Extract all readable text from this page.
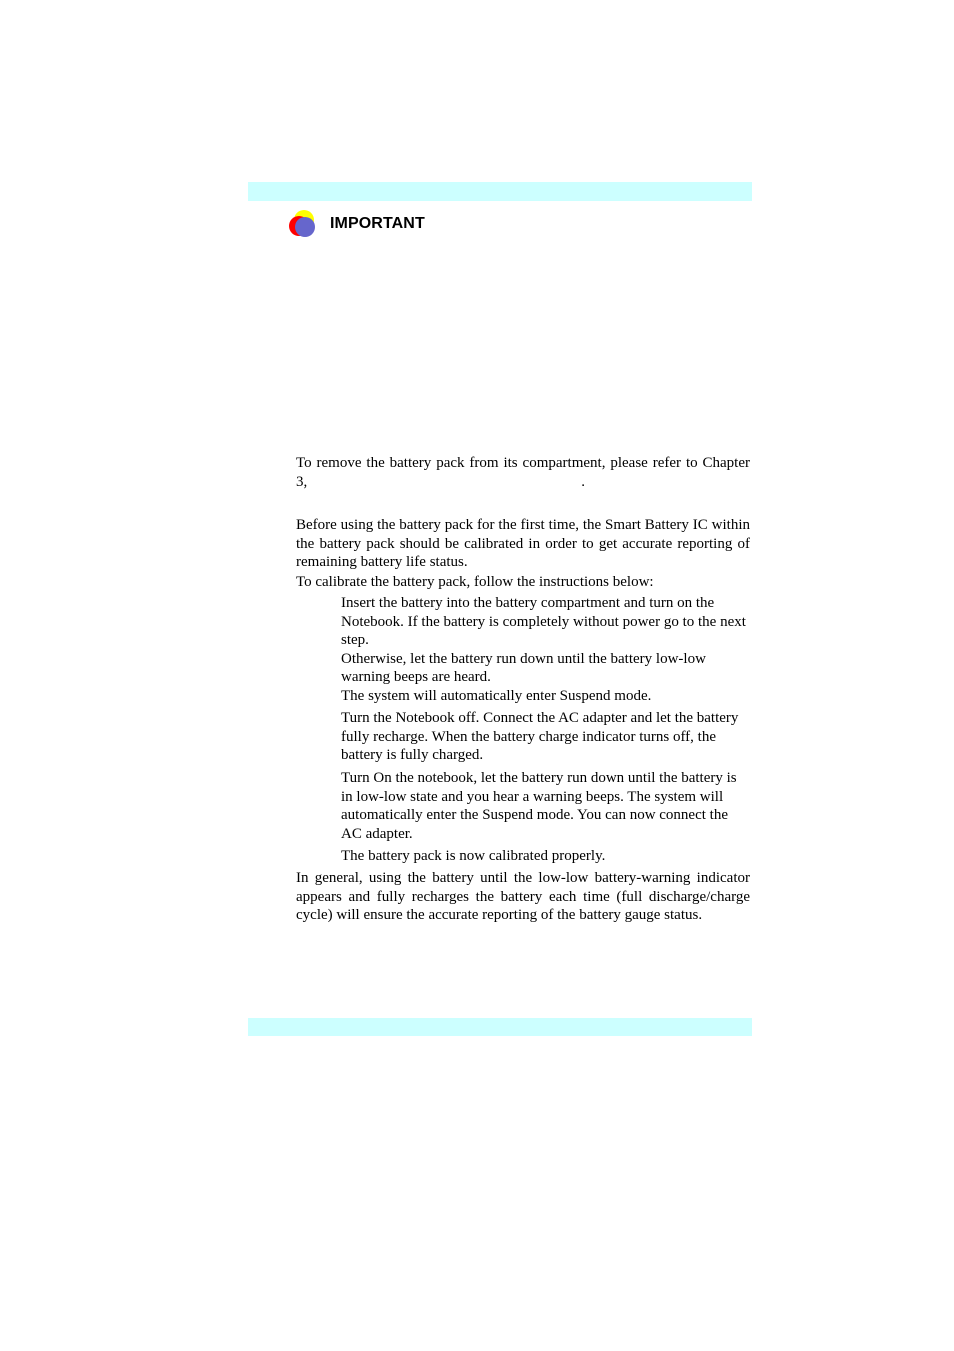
IMPORTANT

To remove the battery pack from its compartment, please refer to Chapter 3,	.

Before using the battery pack for the first time, the Smart Battery IC within the battery pack should be calibrated in order to get accurate reporting of remaining battery life status.

To calibrate the battery pack, follow the instructions below:

Insert the battery into the battery compartment and turn on the Notebook. If the battery is completely without power go to the next step.
Otherwise, let the battery run down until the battery low-low warning beeps are heard.
The system will automatically enter Suspend mode.

Turn the Notebook off. Connect the AC adapter and let the battery fully recharge. When the battery charge indicator turns off, the battery is fully charged.

Turn On the notebook, let the battery run down until the battery is in low-low state and you hear a warning beeps. The system will automatically enter the Suspend mode. You can now connect the AC adapter.

The battery pack is now calibrated properly.

In general, using the battery until the low-low battery-warning indicator appears and fully recharges the battery each time (full discharge/charge cycle) will ensure the accurate reporting of the battery gauge status.
